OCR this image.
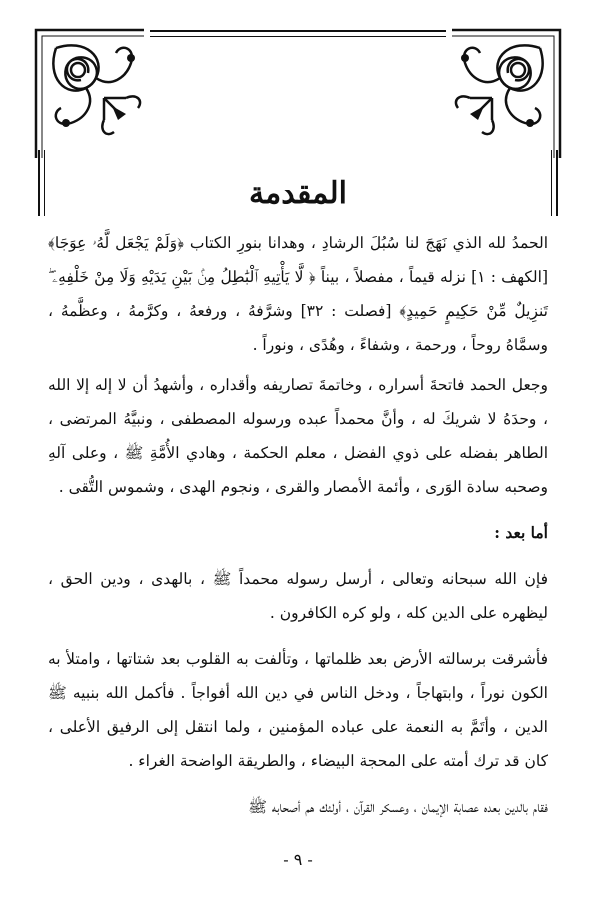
المقدمة

الحمدُ لله الذي نَهَجَ لنا سُبُلَ الرشادِ ، وهدانا بنورِ الكتاب ﴿وَلَمْ يَجْعَل لَّهُۥ عِوَجَا﴾ [الكهف : ١] نزله قيماً ، مفصلاً ، بيناً ﴿ لَّا يَأْتِيهِ ٱلْبَٰطِلُ مِنۢ بَيْنِ يَدَيْهِ وَلَا مِنْ خَلْفِهِۦ ۖ تَنزِيلٌ مِّنْ حَكِيمٍ حَمِيدٍ﴾ [فصلت : ٣٢] وشرَّفهُ ، ورفعهُ ، وكرَّمهُ ، وعظَّمهُ ، وسمَّاهُ روحاً ، ورحمة ، وشفاءً ، وهُدًى ، ونوراً .

وجعل الحمد فاتحةَ أسراره ، وخاتمةَ تصاريفه وأقداره ، وأشهدُ أن لا إله إلا الله ، وحدَهُ لا شريكَ له ، وأنَّ محمداً عبده ورسوله المصطفى ، ونبيَّهُ المرتضى ، الطاهر بفضله على ذوي الفضل ، معلم الحكمة ، وهادي الأُمَّةِ ﷺ ، وعلى آلهِ وصحبه سادة الوَرى ، وأئمة الأمصار والقرى ، ونجوم الهدى ، وشموس التُّقى .

أما بعد :

فإن الله سبحانه وتعالى ، أرسل رسوله محمداً ﷺ ، بالهدى ، ودين الحق ، ليظهره على الدين كله ، ولو كره الكافرون .

فأشرقت برسالته الأرض بعد ظلماتها ، وتألفت به القلوب بعد شتاتها ، وامتلأ به الكون نوراً ، وابتهاجاً ، ودخل الناس في دين الله أفواجاً . فأكمل الله بنبيه ﷺ الدين ، وأتَمَّ به النعمة على عباده المؤمنين ، ولما انتقل إلى الرفيق الأعلى ، كان قد ترك أمته على المحجة البيضاء ، والطريقة الواضحة الغراء .

فقام بالدين بعده عصابة الإيمان ، وعسكر القرآن ، أولئك هم أصحابه ﷺ

- ٩ -
